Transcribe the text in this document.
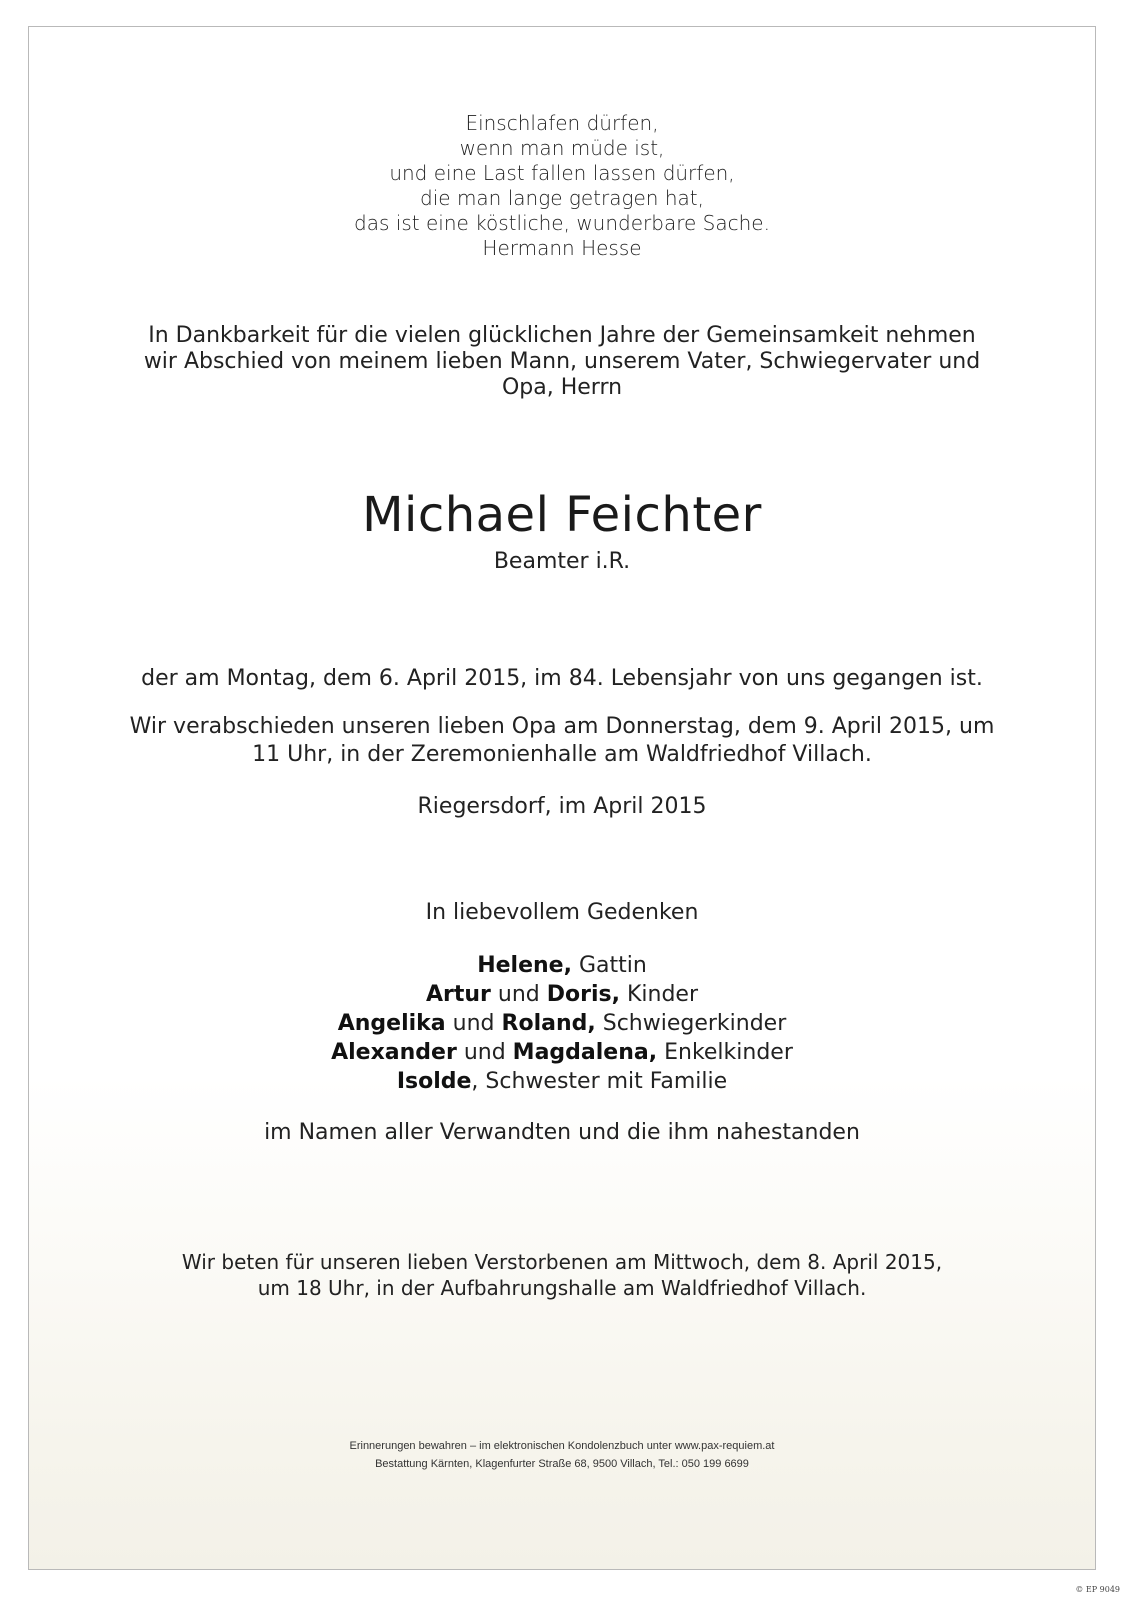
Einschlafen dürfen,
wenn man müde ist,
und eine Last fallen lassen dürfen,
die man lange getragen hat,
das ist eine köstliche, wunderbare Sache.
Hermann Hesse
In Dankbarkeit für die vielen glücklichen Jahre der Gemeinsamkeit nehmen
wir Abschied von meinem lieben Mann, unserem Vater, Schwiegervater und
Opa, Herrn
Michael Feichter
Beamter i.R.
der am Montag, dem 6. April 2015, im 84. Lebensjahr von uns gegangen ist.
Wir verabschieden unseren lieben Opa am Donnerstag, dem 9. April 2015, um
11 Uhr, in der Zeremonienhalle am Waldfriedhof Villach.
Riegersdorf, im April 2015
In liebevollem Gedenken
Helene, Gattin
Artur und Doris, Kinder
Angelika und Roland, Schwiegerkinder
Alexander und Magdalena, Enkelkinder
Isolde, Schwester mit Familie
im Namen aller Verwandten und die ihm nahestanden
Wir beten für unseren lieben Verstorbenen am Mittwoch, dem 8. April 2015,
um 18 Uhr, in der Aufbahrungshalle am Waldfriedhof Villach.
Erinnerungen bewahren – im elektronischen Kondolenzbuch unter www.pax-requiem.at
Bestattung Kärnten, Klagenfurter Straße 68, 9500 Villach, Tel.: 050 199 6699
© EP 9049
